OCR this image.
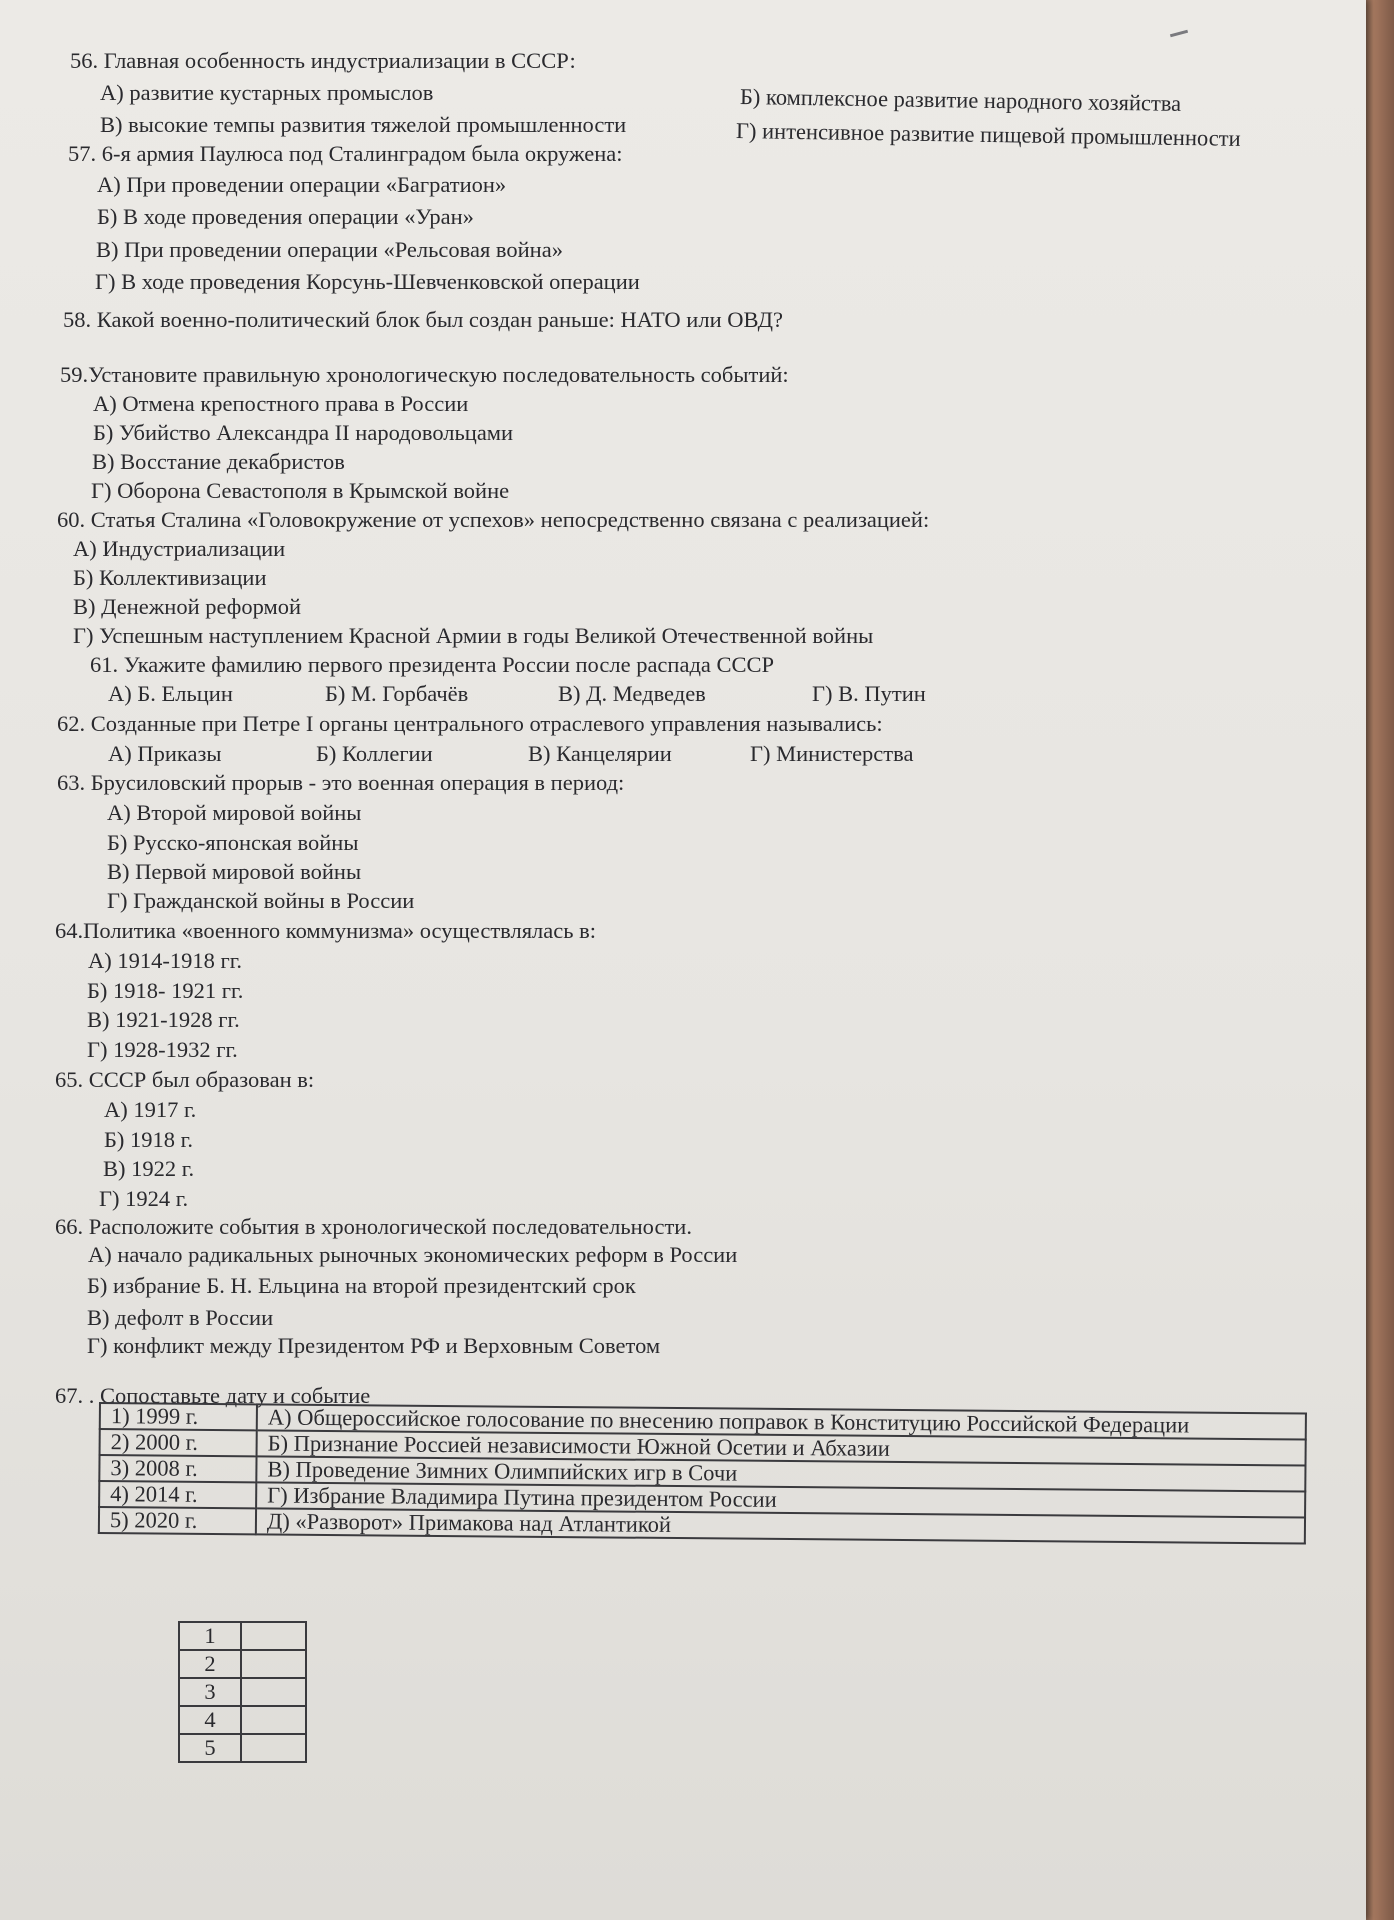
56. Главная особенность индустриализации в СССР:
А) развитие кустарных промыслов	Б) комплексное развитие народного хозяйства
В) высокие темпы развития тяжелой промышленности	Г) интенсивное развитие пищевой промышленности
57. 6-я армия Паулюса под Сталинградом была окружена:
А) При проведении операции «Багратион»
Б) В ходе проведения операции «Уран»
В) При проведении операции «Рельсовая война»
Г) В ходе проведения Корсунь-Шевченковской операции
58. Какой военно-политический блок был создан раньше: НАТО или ОВД?
59.Установите правильную хронологическую последовательность событий:
А) Отмена крепостного права в России
Б) Убийство Александра II народовольцами
В) Восстание декабристов
Г) Оборона Севастополя в Крымской войне
60. Статья Сталина «Головокружение от успехов» непосредственно связана с реализацией:
А) Индустриализации
Б) Коллективизации
В) Денежной реформой
Г) Успешным наступлением Красной Армии в годы Великой Отечественной войны
61. Укажите фамилию первого президента России после распада СССР
А) Б. Ельцин	Б) М. Горбачёв	В) Д. Медведев	Г) В. Путин
62. Созданные при Петре I органы центрального отраслевого управления назывались:
А) Приказы	Б) Коллегии	В) Канцелярии	Г) Министерства
63. Брусиловский прорыв - это военная операция в период:
А) Второй мировой войны
Б) Русско-японская войны
В) Первой мировой войны
Г) Гражданской войны в России
64.Политика «военного коммунизма» осуществлялась в:
А) 1914-1918 гг.
Б) 1918- 1921 гг.
В) 1921-1928 гг.
Г) 1928-1932 гг.
65. СССР был образован в:
А) 1917 г.
Б) 1918 г.
В) 1922 г.
Г) 1924 г.
66. Расположите события в хронологической последовательности.
А) начало радикальных рыночных экономических реформ в России
Б) избрание Б. Н. Ельцина на второй президентский срок
В) дефолт в России
Г) конфликт между Президентом РФ и Верховным Советом
67. . Сопоставьте дату и событие
1) 1999 г.	А) Общероссийское голосование по внесению поправок в Конституцию Российской Федерации
2) 2000 г.	Б) Признание Россией независимости Южной Осетии и Абхазии
3) 2008 г.	В) Проведение Зимних Олимпийских игр в Сочи
4) 2014 г.	Г) Избрание Владимира Путина президентом России
5) 2020 г.	Д) «Разворот» Примакова над Атлантикой
1	
2	
3	
4	
5	
